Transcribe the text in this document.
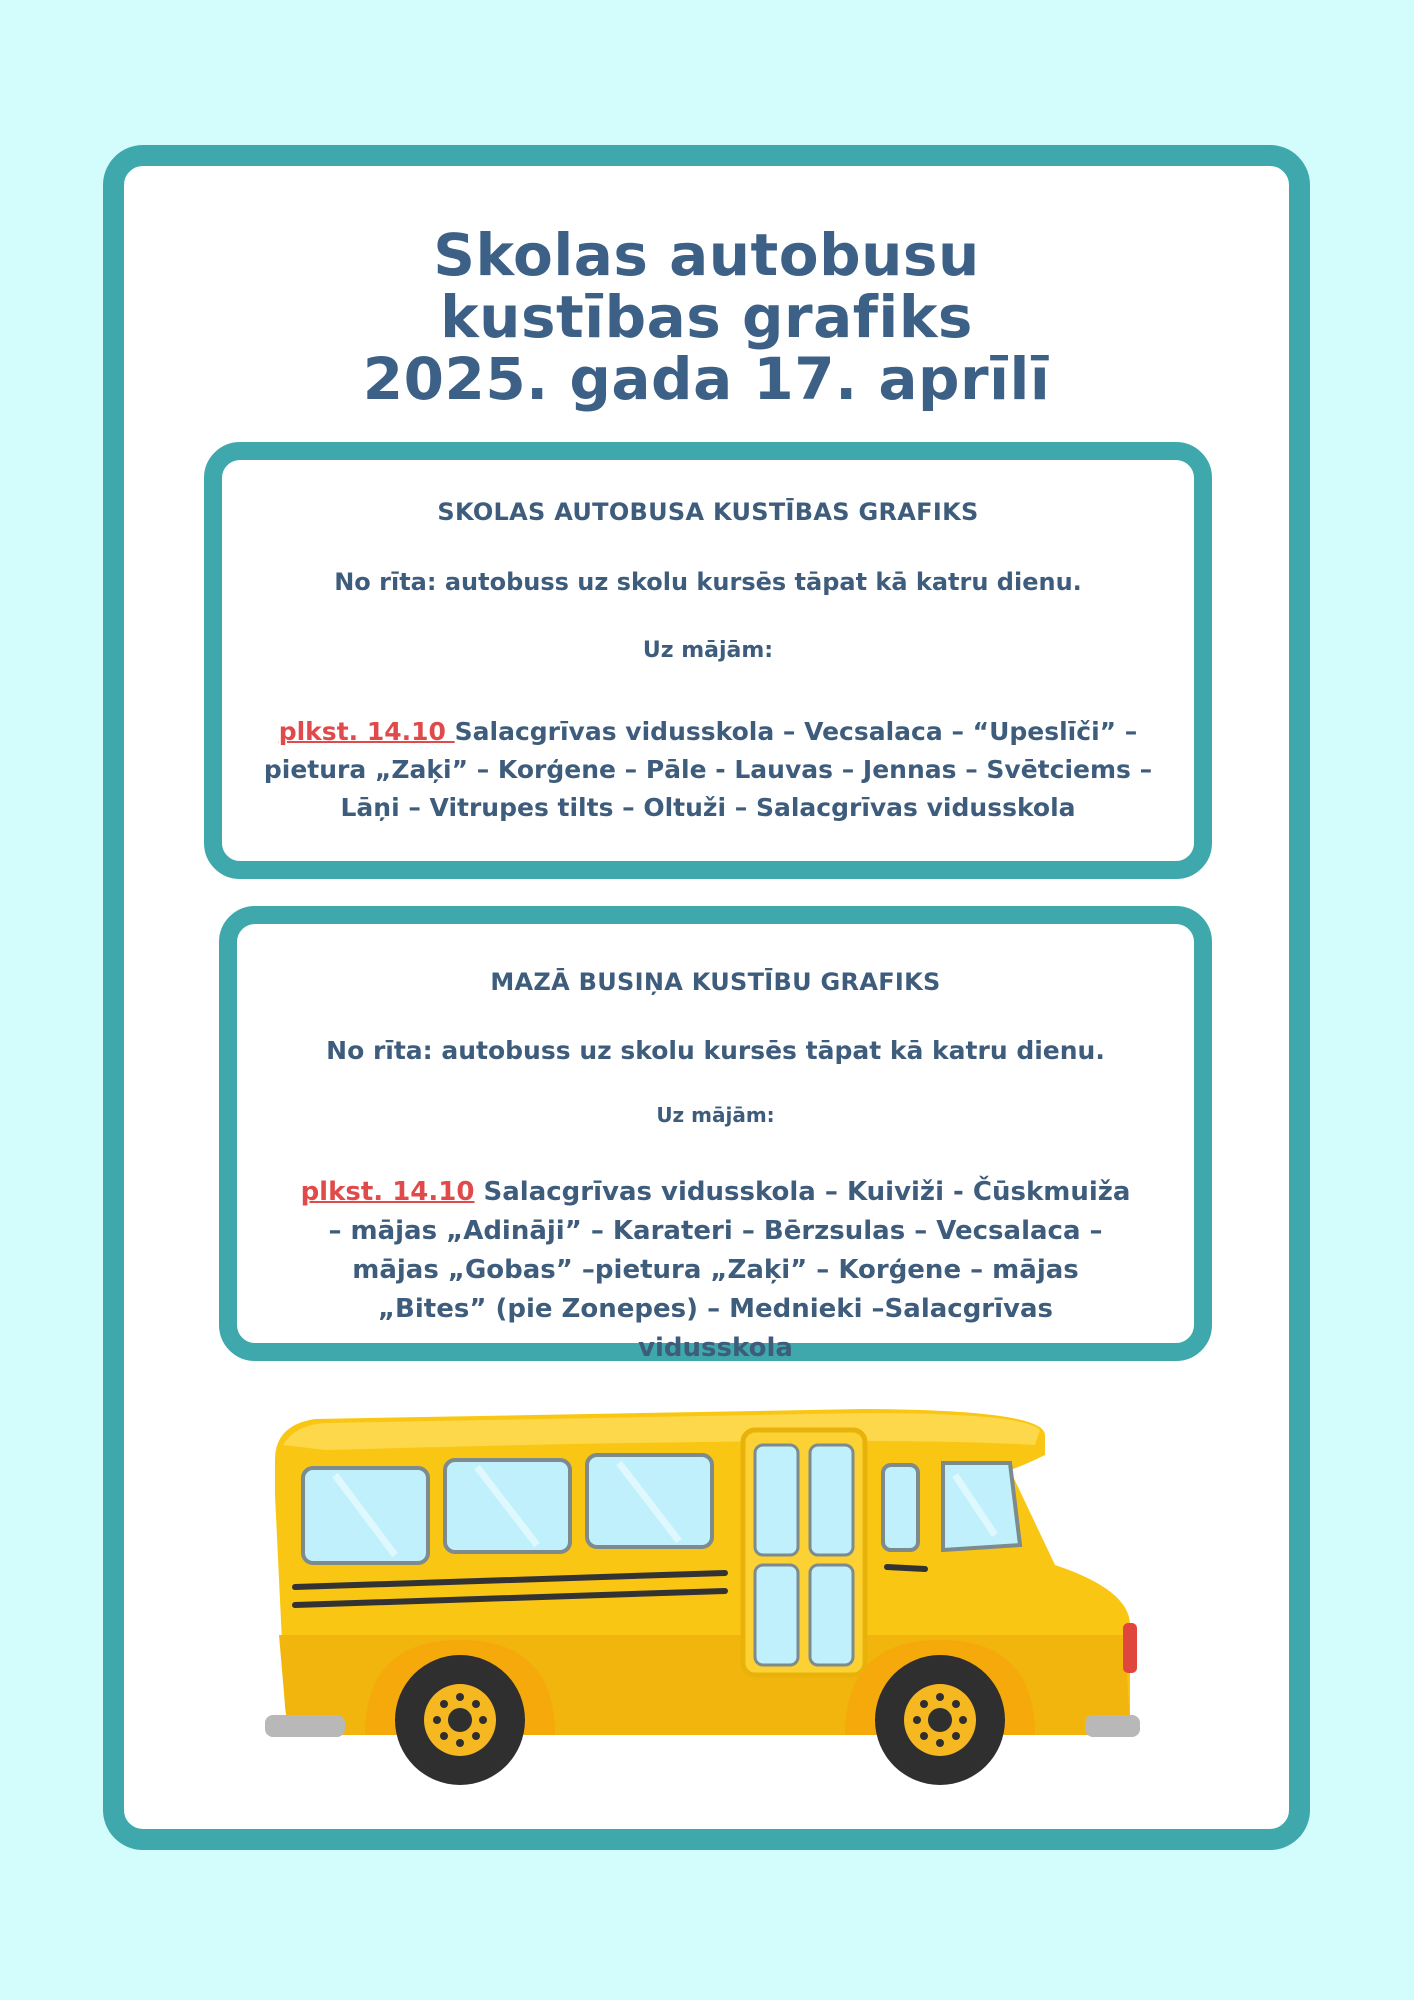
Skolas autobusu
kustības grafiks
2025. gada 17. aprīlī
SKOLAS AUTOBUSA KUSTĪBAS GRAFIKS
No rīta: autobuss uz skolu kursēs tāpat kā katru dienu.
Uz mājām:
plkst. 14.10 Salacgrīvas vidusskola – Vecsalaca – “Upeslīči” – pietura „Zaķi” – Korģene – Pāle - Lauvas – Jennas – Svētciems – Lāņi – Vitrupes tilts – Oltuži – Salacgrīvas vidusskola
MAZĀ BUSIŅA KUSTĪBU GRAFIKS
No rīta: autobuss uz skolu kursēs tāpat kā katru dienu.
Uz mājām:
plkst. 14.10 Salacgrīvas vidusskola – Kuiviži - Čūskmuiža – mājas „Adināji” – Karateri – Bērzsulas – Vecsalaca – mājas „Gobas” –pietura „Zaķi” – Korģene – mājas „Bites” (pie Zonepes) – Mednieki –Salacgrīvas vidusskola
